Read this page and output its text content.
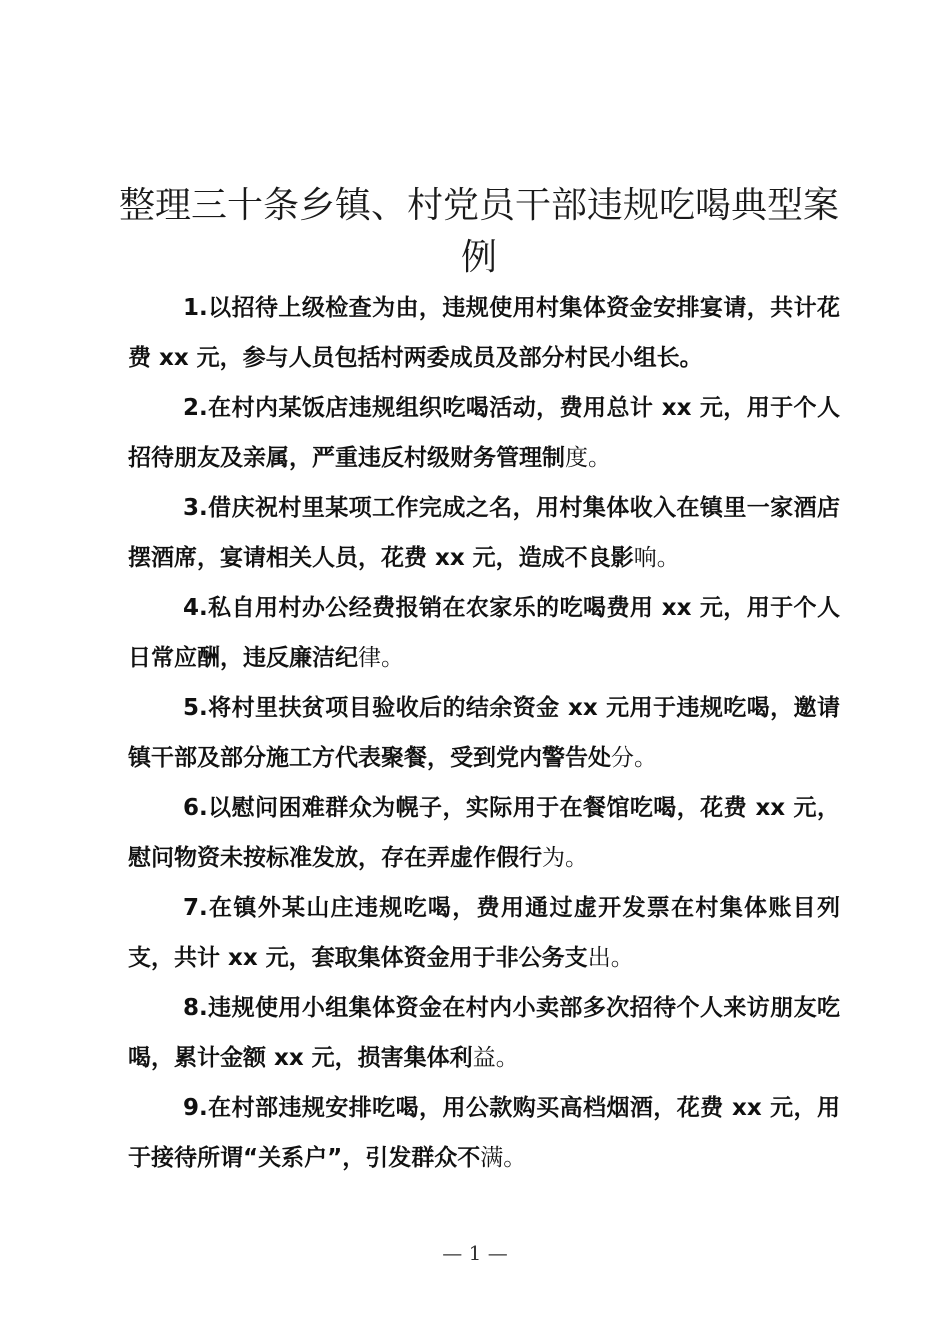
整理三十条乡镇、村党员干部违规吃喝典型案例
1.以招待上级检查为由，违规使用村集体资金安排宴请，共计花费 xx 元，参与人员包括村两委成员及部分村民小组长。
2.在村内某饭店违规组织吃喝活动，费用总计 xx 元，用于个人招待朋友及亲属，严重违反村级财务管理制度。
3.借庆祝村里某项工作完成之名，用村集体收入在镇里一家酒店摆酒席，宴请相关人员，花费 xx 元，造成不良影响。
4.私自用村办公经费报销在农家乐的吃喝费用 xx 元，用于个人日常应酬，违反廉洁纪律。
5.将村里扶贫项目验收后的结余资金 xx 元用于违规吃喝，邀请镇干部及部分施工方代表聚餐，受到党内警告处分。
6.以慰问困难群众为幌子，实际用于在餐馆吃喝，花费 xx 元，慰问物资未按标准发放，存在弄虚作假行为。
7.在镇外某山庄违规吃喝，费用通过虚开发票在村集体账目列支，共计 xx 元，套取集体资金用于非公务支出。
8.违规使用小组集体资金在村内小卖部多次招待个人来访朋友吃喝，累计金额 xx 元，损害集体利益。
9.在村部违规安排吃喝，用公款购买高档烟酒，花费 xx 元，用于接待所谓“关系户”，引发群众不满。
— 1 —
